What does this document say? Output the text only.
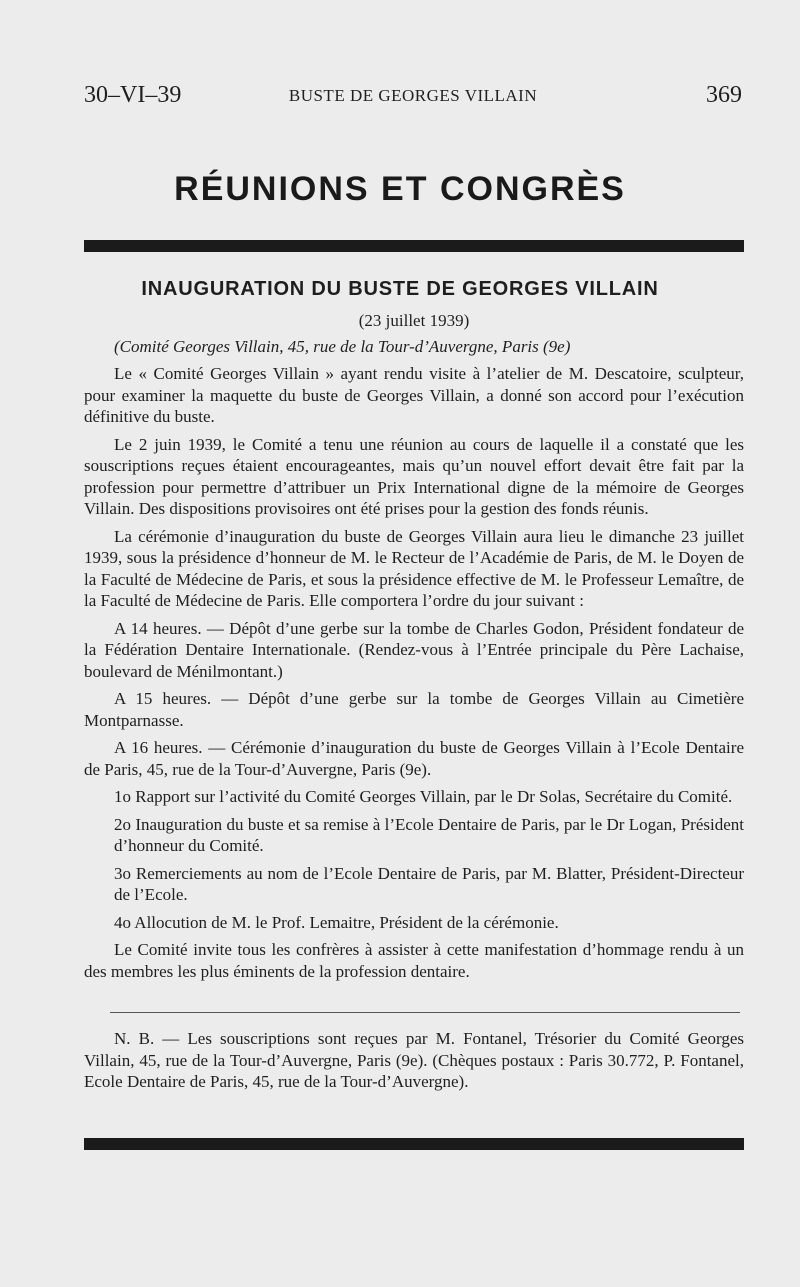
BUSTE DE GEORGES VILLAIN
30–VI–39	369
RÉUNIONS ET CONGRÈS
INAUGURATION DU BUSTE DE GEORGES VILLAIN

(23 juillet 1939)

(Comité Georges Villain, 45, rue de la Tour-d’Auvergne, Paris (9e)

Le « Comité Georges Villain » ayant rendu visite à l’atelier de M. Descatoire, sculpteur, pour examiner la maquette du buste de Georges Villain, a donné son accord pour l’exécution définitive du buste.

Le 2 juin 1939, le Comité a tenu une réunion au cours de laquelle il a constaté que les souscriptions reçues étaient encourageantes, mais qu’un nouvel effort devait être fait par la profession pour permettre d’attribuer un Prix International digne de la mémoire de Georges Villain. Des dispositions provisoires ont été prises pour la gestion des fonds réunis.

La cérémonie d’inauguration du buste de Georges Villain aura lieu le dimanche 23 juillet 1939, sous la présidence d’honneur de M. le Recteur de l’Académie de Paris, de M. le Doyen de la Faculté de Médecine de Paris, et sous la présidence effective de M. le Professeur Lemaître, de la Faculté de Médecine de Paris. Elle comportera l’ordre du jour suivant :

A 14 heures. — Dépôt d’une gerbe sur la tombe de Charles Godon, Président fondateur de la Fédération Dentaire Internationale. (Rendez-vous à l’Entrée principale du Père Lachaise, boulevard de Ménilmontant.)

A 15 heures. — Dépôt d’une gerbe sur la tombe de Georges Villain au Cimetière Montparnasse.

A 16 heures. — Cérémonie d’inauguration du buste de Georges Villain à l’Ecole Dentaire de Paris, 45, rue de la Tour-d’Auvergne, Paris (9e).

1o Rapport sur l’activité du Comité Georges Villain, par le Dr Solas, Secrétaire du Comité.

2o Inauguration du buste et sa remise à l’Ecole Dentaire de Paris, par le Dr Logan, Président d’honneur du Comité.

3o Remerciements au nom de l’Ecole Dentaire de Paris, par M. Blatter, Président-Directeur de l’Ecole.

4o Allocution de M. le Prof. Lemaitre, Président de la cérémonie.

Le Comité invite tous les confrères à assister à cette manifestation d’hommage rendu à un des membres les plus éminents de la profession dentaire.

N. B. — Les souscriptions sont reçues par M. Fontanel, Trésorier du Comité Georges Villain, 45, rue de la Tour-d’Auvergne, Paris (9e). (Chèques postaux : Paris 30.772, P. Fontanel, Ecole Dentaire de Paris, 45, rue de la Tour-d’Auvergne).
